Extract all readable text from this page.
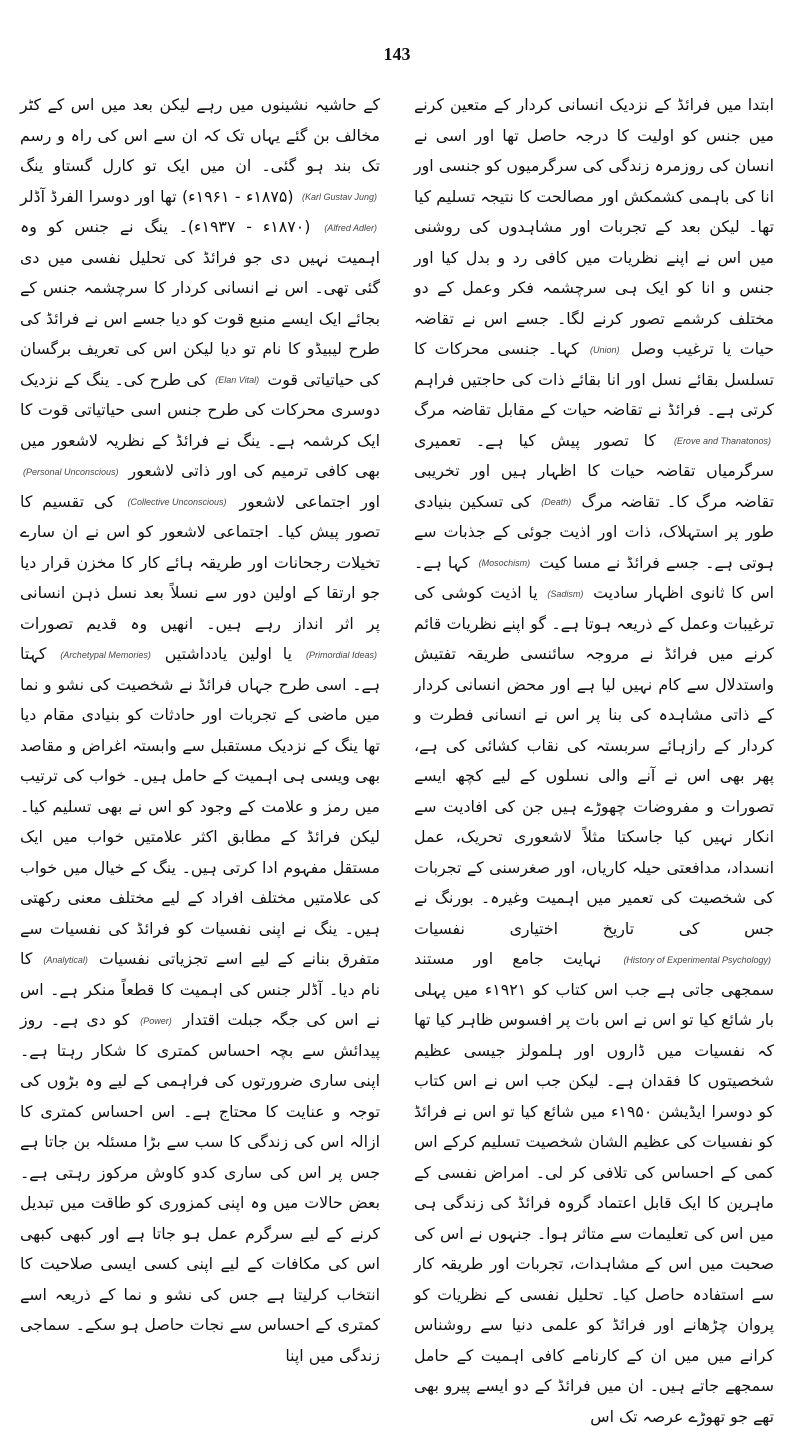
143

ابتدا میں فرائڈ کے نزدیک انسانی کردار کے متعین کرنے میں جنس کو اولیت کا درجہ حاصل تھا اور اسی نے انسان کی روزمرہ زندگی کی سرگرمیوں کو جنسی اور انا کی باہمی کشمکش اور مصالحت کا نتیجہ تسلیم کیا تھا۔ لیکن بعد کے تجربات اور مشاہدوں کی روشنی میں اس نے اپنے نظریات میں کافی رد و بدل کیا اور جنس و انا کو ایک ہی سرچشمہ فکر وعمل کے دو مختلف کرشمے تصور کرنے لگا۔ جسے اس نے تقاضہ حیات یا ترغیب وصل (Union) کہا۔ جنسی محرکات کا تسلسل بقائے نسل اور انا بقائے ذات کی حاجتیں فراہم کرتی ہے۔ فرائڈ نے تقاضہ حیات کے مقابل تقاضہ مرگ (Erove and Thanatonos) کا تصور پیش کیا ہے۔ تعمیری سرگرمیاں تقاضہ حیات کا اظہار ہیں اور تخریبی تقاضہ مرگ کا۔ تقاضہ مرگ (Death) کی تسکین بنیادی طور پر استہلاک، ذات اور اذیت جوئی کے جذبات سے ہوتی ہے۔ جسے فرائڈ نے مسا کیت (Mosochism) کہا ہے۔ اس کا ثانوی اظہار سادیت (Sadism) یا اذیت کوشی کی ترغیبات وعمل کے ذریعہ ہوتا ہے۔ گو اپنے نظریات قائم کرنے میں فرائڈ نے مروجہ سائنسی طریقہ تفتیش واستدلال سے کام نہیں لیا ہے اور محض انسانی کردار کے ذاتی مشاہدہ کی بنا پر اس نے انسانی فطرت و کردار کے رازہائے سربستہ کی نقاب کشائی کی ہے، پھر بھی اس نے آنے والی نسلوں کے لیے کچھ ایسے تصورات و مفروضات چھوڑے ہیں جن کی افادیت سے انکار نہیں کیا جاسکتا مثلاً لاشعوری تحریک، عمل انسداد، مدافعتی حیلہ کاریاں، اور صغرسنی کے تجربات کی شخصیت کی تعمیر میں اہمیت وغیرہ۔ بورنگ نے جس کی تاریخ اختیاری نفسیات (History of Experimental Psychology) نہایت جامع اور مستند سمجھی جاتی ہے جب اس کتاب کو ۱۹۲۱ء میں پہلی بار شائع کیا تو اس نے اس بات پر افسوس ظاہر کیا تھا کہ نفسیات میں ڈاروں اور ہلمولز جیسی عظیم شخصیتوں کا فقدان ہے۔ لیکن جب اس نے اس کتاب کو دوسرا ایڈیشن ۱۹۵۰ء میں شائع کیا تو اس نے فرائڈ کو نفسیات کی عظیم الشان شخصیت تسلیم کرکے اس کمی کے احساس کی تلافی کر لی۔ امراض نفسی کے ماہرین کا ایک قابل اعتماد گروہ فرائڈ کی زندگی ہی میں اس کی تعلیمات سے متاثر ہوا۔ جنہوں نے اس کی صحبت میں اس کے مشاہدات، تجربات اور طریقہ کار سے استفادہ حاصل کیا۔ تحلیل نفسی کے نظریات کو پروان چڑھانے اور فرائڈ کو علمی دنیا سے روشناس کرانے میں میں ان کے کارنامے کافی اہمیت کے حامل سمجھے جاتے ہیں۔ ان میں فرائڈ کے دو ایسے پیرو بھی تھے جو تھوڑے عرصہ تک اس

کے حاشیہ نشینوں میں رہے لیکن بعد میں اس کے کٹر مخالف بن گئے یہاں تک کہ ان سے اس کی راہ و رسم تک بند ہو گئی۔ ان میں ایک تو کارل گستاو ینگ (Karl Gustav Jung) (۱۸۷۵ء - ۱۹۶۱ء) تھا اور دوسرا الفرڈ آڈلر (Alfred Adler) (۱۸۷۰ء - ۱۹۳۷ء)۔ ینگ نے جنس کو وہ اہمیت نہیں دی جو فرائڈ کی تحلیل نفسی میں دی گئی تھی۔ اس نے انسانی کردار کا سرچشمہ جنس کے بجائے ایک ایسے منبع قوت کو دیا جسے اس نے فرائڈ کی طرح لیبیڈو کا نام تو دیا لیکن اس کی تعریف برگسان کی حیاتیاتی قوت (Elan Vital) کی طرح کی۔ ینگ کے نزدیک دوسری محرکات کی طرح جنس اسی حیاتیاتی قوت کا ایک کرشمہ ہے۔ ینگ نے فرائڈ کے نظریہ لاشعور میں بھی کافی ترمیم کی اور ذاتی لاشعور (Personal Unconscious) اور اجتماعی لاشعور (Collective Unconscious) کی تقسیم کا تصور پیش کیا۔ اجتماعی لاشعور کو اس نے ان سارے تخیلات رجحانات اور طریقہ ہائے کار کا مخزن قرار دیا جو ارتقا کے اولین دور سے نسلاً بعد نسل ذہن انسانی پر اثر انداز رہے ہیں۔ انھیں وہ قدیم تصورات (Primordial Ideas) یا اولین یادداشتیں (Archetypal Memories) کہتا ہے۔ اسی طرح جہاں فرائڈ نے شخصیت کی نشو و نما میں ماضی کے تجربات اور حادثات کو بنیادی مقام دیا تھا ینگ کے نزدیک مستقبل سے وابستہ اغراض و مقاصد بھی ویسی ہی اہمیت کے حامل ہیں۔ خواب کی ترتیب میں رمز و علامت کے وجود کو اس نے بھی تسلیم کیا۔ لیکن فرائڈ کے مطابق اکثر علامتیں خواب میں ایک مستقل مفہوم ادا کرتی ہیں۔ ینگ کے خیال میں خواب کی علامتیں مختلف افراد کے لیے مختلف معنی رکھتی ہیں۔ ینگ نے اپنی نفسیات کو فرائڈ کی نفسیات سے متفرق بنانے کے لیے اسے تجزیاتی نفسیات (Analytical) کا نام دیا۔ آڈلر جنس کی اہمیت کا قطعاً منکر ہے۔ اس نے اس کی جگہ جبلت اقتدار (Power) کو دی ہے۔ روز پیدائش سے بچہ احساس کمتری کا شکار رہتا ہے۔ اپنی ساری ضرورتوں کی فراہمی کے لیے وہ بڑوں کی توجہ و عنایت کا محتاج ہے۔ اس احساس کمتری کا ازالہ اس کی زندگی کا سب سے بڑا مسئلہ بن جاتا ہے جس پر اس کی ساری کدو کاوش مرکوز رہتی ہے۔ بعض حالات میں وہ اپنی کمزوری کو طاقت میں تبدیل کرنے کے لیے سرگرم عمل ہو جاتا ہے اور کبھی کبھی اس کی مکافات کے لیے اپنی کسی ایسی صلاحیت کا انتخاب کرلیتا ہے جس کی نشو و نما کے ذریعہ اسے کمتری کے احساس سے نجات حاصل ہو سکے۔ سماجی زندگی میں اپنا
